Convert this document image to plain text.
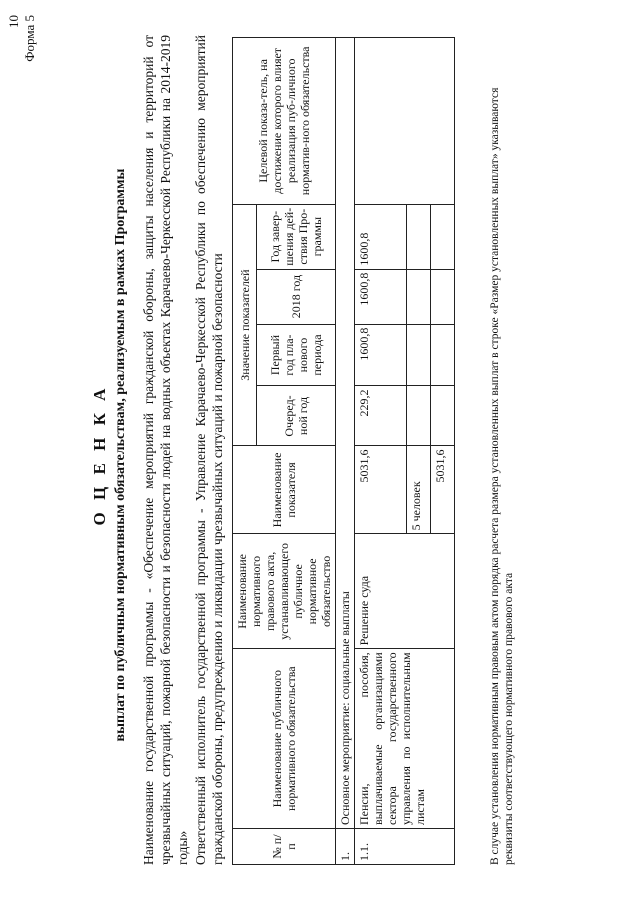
10 Форма 5
О Ц Е Н К А выплат по публичным нормативным обязательствам, реализуемым в рамках Программы Наименование государственной программы - «Обеспечение мероприятий гражданской обороны, защиты населения и территорий от чрезвычайных ситуаций, пожарной безопасности и безопасности людей на водных объектах Карачаево-Черкесской Республики на 2014-2019 годы» Ответственный исполнитель государственной программы - Управление Карачаево-Черкесской Республики по обеспечению мероприятий гражданской обороны, предупреждению и ликвидации чрезвычайных ситуаций и пожарной безопасности	№ п/п	Наименование публичного нормативного обязательства	Наименование нормативного правового акта, устанавливающего публичное нормативное обязательство	Наименование показателя	Значение показателей				Целевой показа-тель, на достижение которого влияет реализация пуб-личного норматив-ного обязательства
				Очеред-ной год	Первый год пла-нового периода	2018 год	Год завер-шения дей-ствия Про-граммы	
1.	Основное мероприятие: социальные выплаты							
1.1.	Пенсии, пособия, выплачиваемые организациями сектора государственного управления по исполнительным листам	Решение суда	5031,6	229,2	1600,8	1600,8	1600,8	
			5 человек					
			5031,6						В случае установления нормативным правовым актом порядка расчета размера установленных выплат в строке «Размер установленных выплат» указываются реквизиты соответствующего нормативного правового акта
